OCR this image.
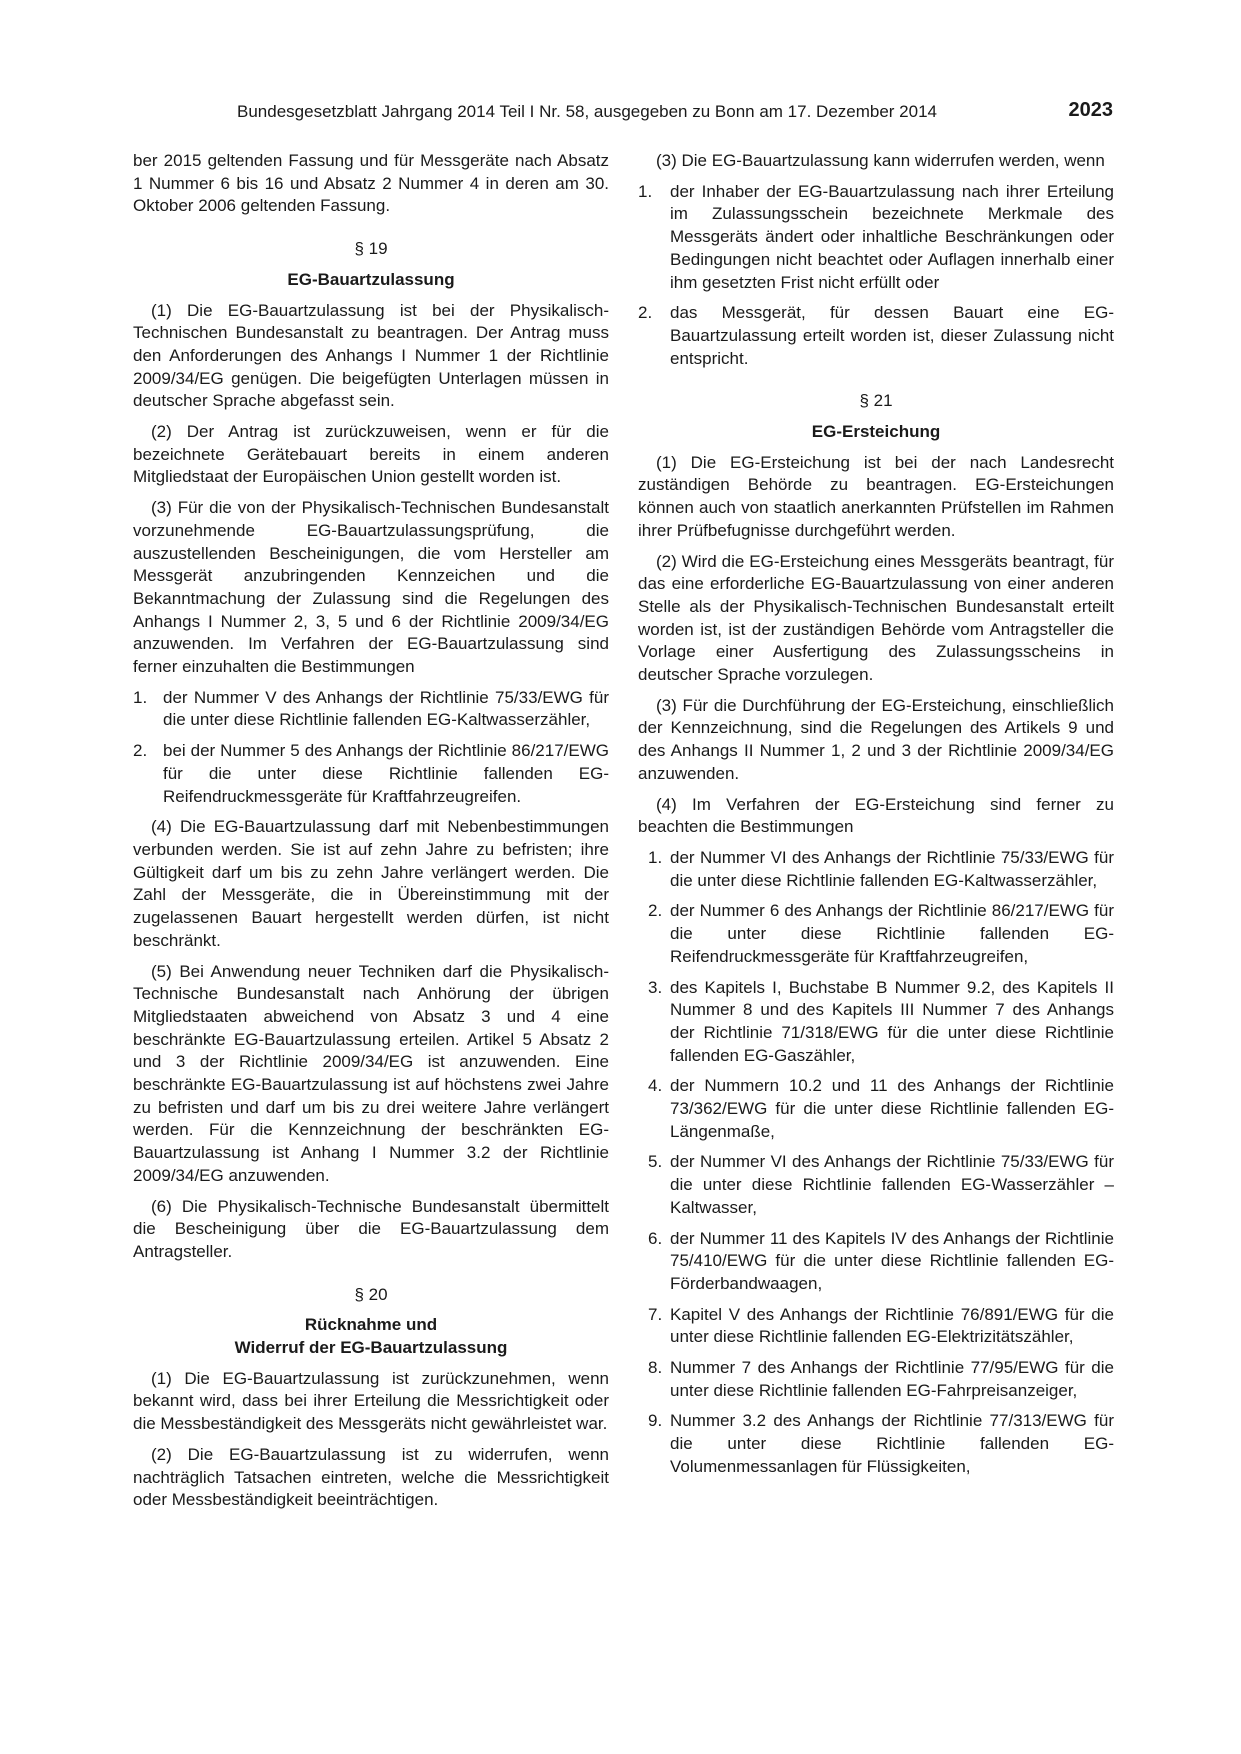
Bundesgesetzblatt Jahrgang 2014 Teil I Nr. 58, ausgegeben zu Bonn am 17. Dezember 2014	2023

ber 2015 geltenden Fassung und für Messgeräte nach Absatz 1 Nummer 6 bis 16 und Absatz 2 Nummer 4 in deren am 30. Oktober 2006 geltenden Fassung.

§ 19
EG-Bauartzulassung

(1) Die EG-Bauartzulassung ist bei der Physikalisch-Technischen Bundesanstalt zu beantragen. Der Antrag muss den Anforderungen des Anhangs I Nummer 1 der Richtlinie 2009/34/EG genügen. Die beigefügten Unterlagen müssen in deutscher Sprache abgefasst sein.

(2) Der Antrag ist zurückzuweisen, wenn er für die bezeichnete Gerätebauart bereits in einem anderen Mitgliedstaat der Europäischen Union gestellt worden ist.

(3) Für die von der Physikalisch-Technischen Bundesanstalt vorzunehmende EG-Bauartzulassungsprüfung, die auszustellenden Bescheinigungen, die vom Hersteller am Messgerät anzubringenden Kennzeichen und die Bekanntmachung der Zulassung sind die Regelungen des Anhangs I Nummer 2, 3, 5 und 6 der Richtlinie 2009/34/EG anzuwenden. Im Verfahren der EG-Bauartzulassung sind ferner einzuhalten die Bestimmungen

1. der Nummer V des Anhangs der Richtlinie 75/33/EWG für die unter diese Richtlinie fallenden EG-Kaltwasserzähler,
2. bei der Nummer 5 des Anhangs der Richtlinie 86/217/EWG für die unter diese Richtlinie fallenden EG-Reifendruckmessgeräte für Kraftfahrzeugreifen.

(4) Die EG-Bauartzulassung darf mit Nebenbestimmungen verbunden werden. Sie ist auf zehn Jahre zu befristen; ihre Gültigkeit darf um bis zu zehn Jahre verlängert werden. Die Zahl der Messgeräte, die in Übereinstimmung mit der zugelassenen Bauart hergestellt werden dürfen, ist nicht beschränkt.

(5) Bei Anwendung neuer Techniken darf die Physikalisch-Technische Bundesanstalt nach Anhörung der übrigen Mitgliedstaaten abweichend von Absatz 3 und 4 eine beschränkte EG-Bauartzulassung erteilen. Artikel 5 Absatz 2 und 3 der Richtlinie 2009/34/EG ist anzuwenden. Eine beschränkte EG-Bauartzulassung ist auf höchstens zwei Jahre zu befristen und darf um bis zu drei weitere Jahre verlängert werden. Für die Kennzeichnung der beschränkten EG-Bauartzulassung ist Anhang I Nummer 3.2 der Richtlinie 2009/34/EG anzuwenden.

(6) Die Physikalisch-Technische Bundesanstalt übermittelt die Bescheinigung über die EG-Bauartzulassung dem Antragsteller.

§ 20
Rücknahme und
Widerruf der EG-Bauartzulassung

(1) Die EG-Bauartzulassung ist zurückzunehmen, wenn bekannt wird, dass bei ihrer Erteilung die Messrichtigkeit oder die Messbeständigkeit des Messgeräts nicht gewährleistet war.

(2) Die EG-Bauartzulassung ist zu widerrufen, wenn nachträglich Tatsachen eintreten, welche die Messrichtigkeit oder Messbeständigkeit beeinträchtigen.

(3) Die EG-Bauartzulassung kann widerrufen werden, wenn

1. der Inhaber der EG-Bauartzulassung nach ihrer Erteilung im Zulassungsschein bezeichnete Merkmale des Messgeräts ändert oder inhaltliche Beschränkungen oder Bedingungen nicht beachtet oder Auflagen innerhalb einer ihm gesetzten Frist nicht erfüllt oder
2. das Messgerät, für dessen Bauart eine EG-Bauartzulassung erteilt worden ist, dieser Zulassung nicht entspricht.
§ 21
EG-Ersteichung

(1) Die EG-Ersteichung ist bei der nach Landesrecht zuständigen Behörde zu beantragen. EG-Ersteichungen können auch von staatlich anerkannten Prüfstellen im Rahmen ihrer Prüfbefugnisse durchgeführt werden.

(2) Wird die EG-Ersteichung eines Messgeräts beantragt, für das eine erforderliche EG-Bauartzulassung von einer anderen Stelle als der Physikalisch-Technischen Bundesanstalt erteilt worden ist, ist der zuständigen Behörde vom Antragsteller die Vorlage einer Ausfertigung des Zulassungsscheins in deutscher Sprache vorzulegen.

(3) Für die Durchführung der EG-Ersteichung, einschließlich der Kennzeichnung, sind die Regelungen des Artikels 9 und des Anhangs II Nummer 1, 2 und 3 der Richtlinie 2009/34/EG anzuwenden.

(4) Im Verfahren der EG-Ersteichung sind ferner zu beachten die Bestimmungen

1. der Nummer VI des Anhangs der Richtlinie 75/33/EWG für die unter diese Richtlinie fallenden EG-Kaltwasserzähler,
2. der Nummer 6 des Anhangs der Richtlinie 86/217/EWG für die unter diese Richtlinie fallenden EG-Reifendruckmessgeräte für Kraftfahrzeugreifen,
3. des Kapitels I, Buchstabe B Nummer 9.2, des Kapitels II Nummer 8 und des Kapitels III Nummer 7 des Anhangs der Richtlinie 71/318/EWG für die unter diese Richtlinie fallenden EG-Gaszähler,
4. der Nummern 10.2 und 11 des Anhangs der Richtlinie 73/362/EWG für die unter diese Richtlinie fallenden EG-Längenmaße,
5. der Nummer VI des Anhangs der Richtlinie 75/33/EWG für die unter diese Richtlinie fallenden EG-Wasserzähler – Kaltwasser,
6. der Nummer 11 des Kapitels IV des Anhangs der Richtlinie 75/410/EWG für die unter diese Richtlinie fallenden EG-Förderbandwaagen,
7. Kapitel V des Anhangs der Richtlinie 76/891/EWG für die unter diese Richtlinie fallenden EG-Elektrizitätszähler,
8. Nummer 7 des Anhangs der Richtlinie 77/95/EWG für die unter diese Richtlinie fallenden EG-Fahrpreisanzeiger,
9. Nummer 3.2 des Anhangs der Richtlinie 77/313/EWG für die unter diese Richtlinie fallenden EG-Volumenmessanlagen für Flüssigkeiten,
